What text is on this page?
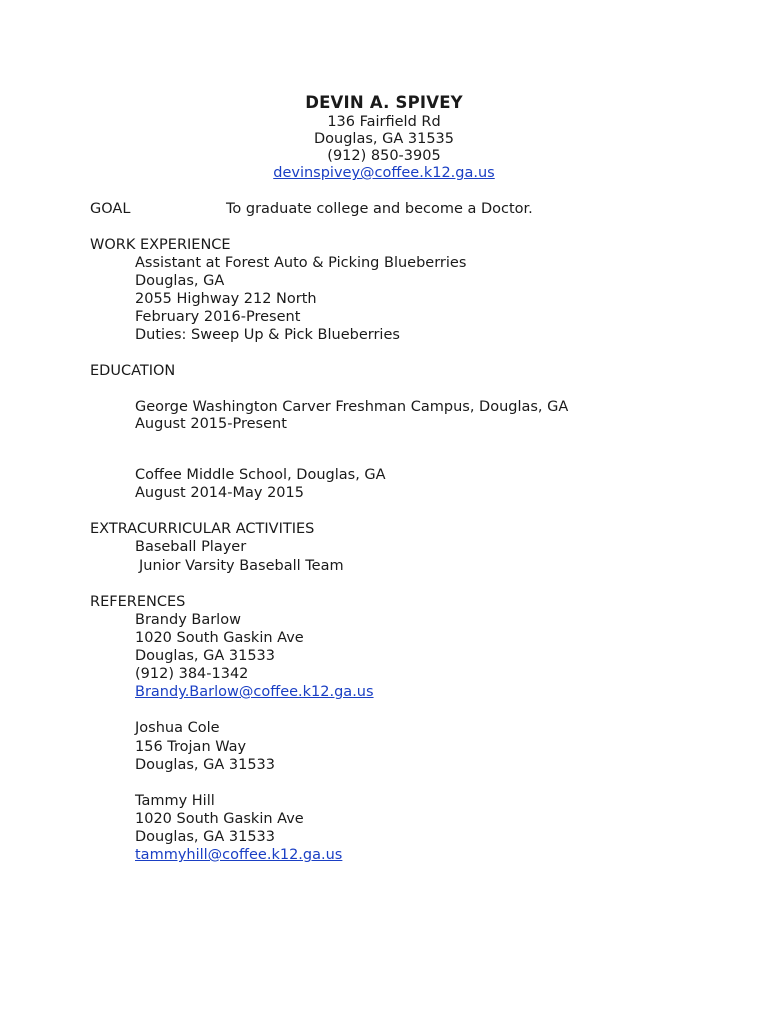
DEVIN A. SPIVEY
136 Fairfield Rd
Douglas, GA 31535
(912) 850-3905
devinspivey@coffee.k12.ga.us
GOAL	To graduate college and become a Doctor.
WORK EXPERIENCE
Assistant at Forest Auto & Picking Blueberries
Douglas, GA
2055 Highway 212 North
February 2016-Present
Duties: Sweep Up & Pick Blueberries
EDUCATION
George Washington Carver Freshman Campus, Douglas, GA
August 2015-Present
Coffee Middle School, Douglas, GA
August 2014-May 2015
EXTRACURRICULAR ACTIVITIES
Baseball Player
Junior Varsity Baseball Team
REFERENCES
Brandy Barlow
1020 South Gaskin Ave
Douglas, GA 31533
(912) 384-1342
Brandy.Barlow@coffee.k12.ga.us
Joshua Cole
156 Trojan Way
Douglas, GA 31533
Tammy Hill
1020 South Gaskin Ave
Douglas, GA 31533
tammyhill@coffee.k12.ga.us
